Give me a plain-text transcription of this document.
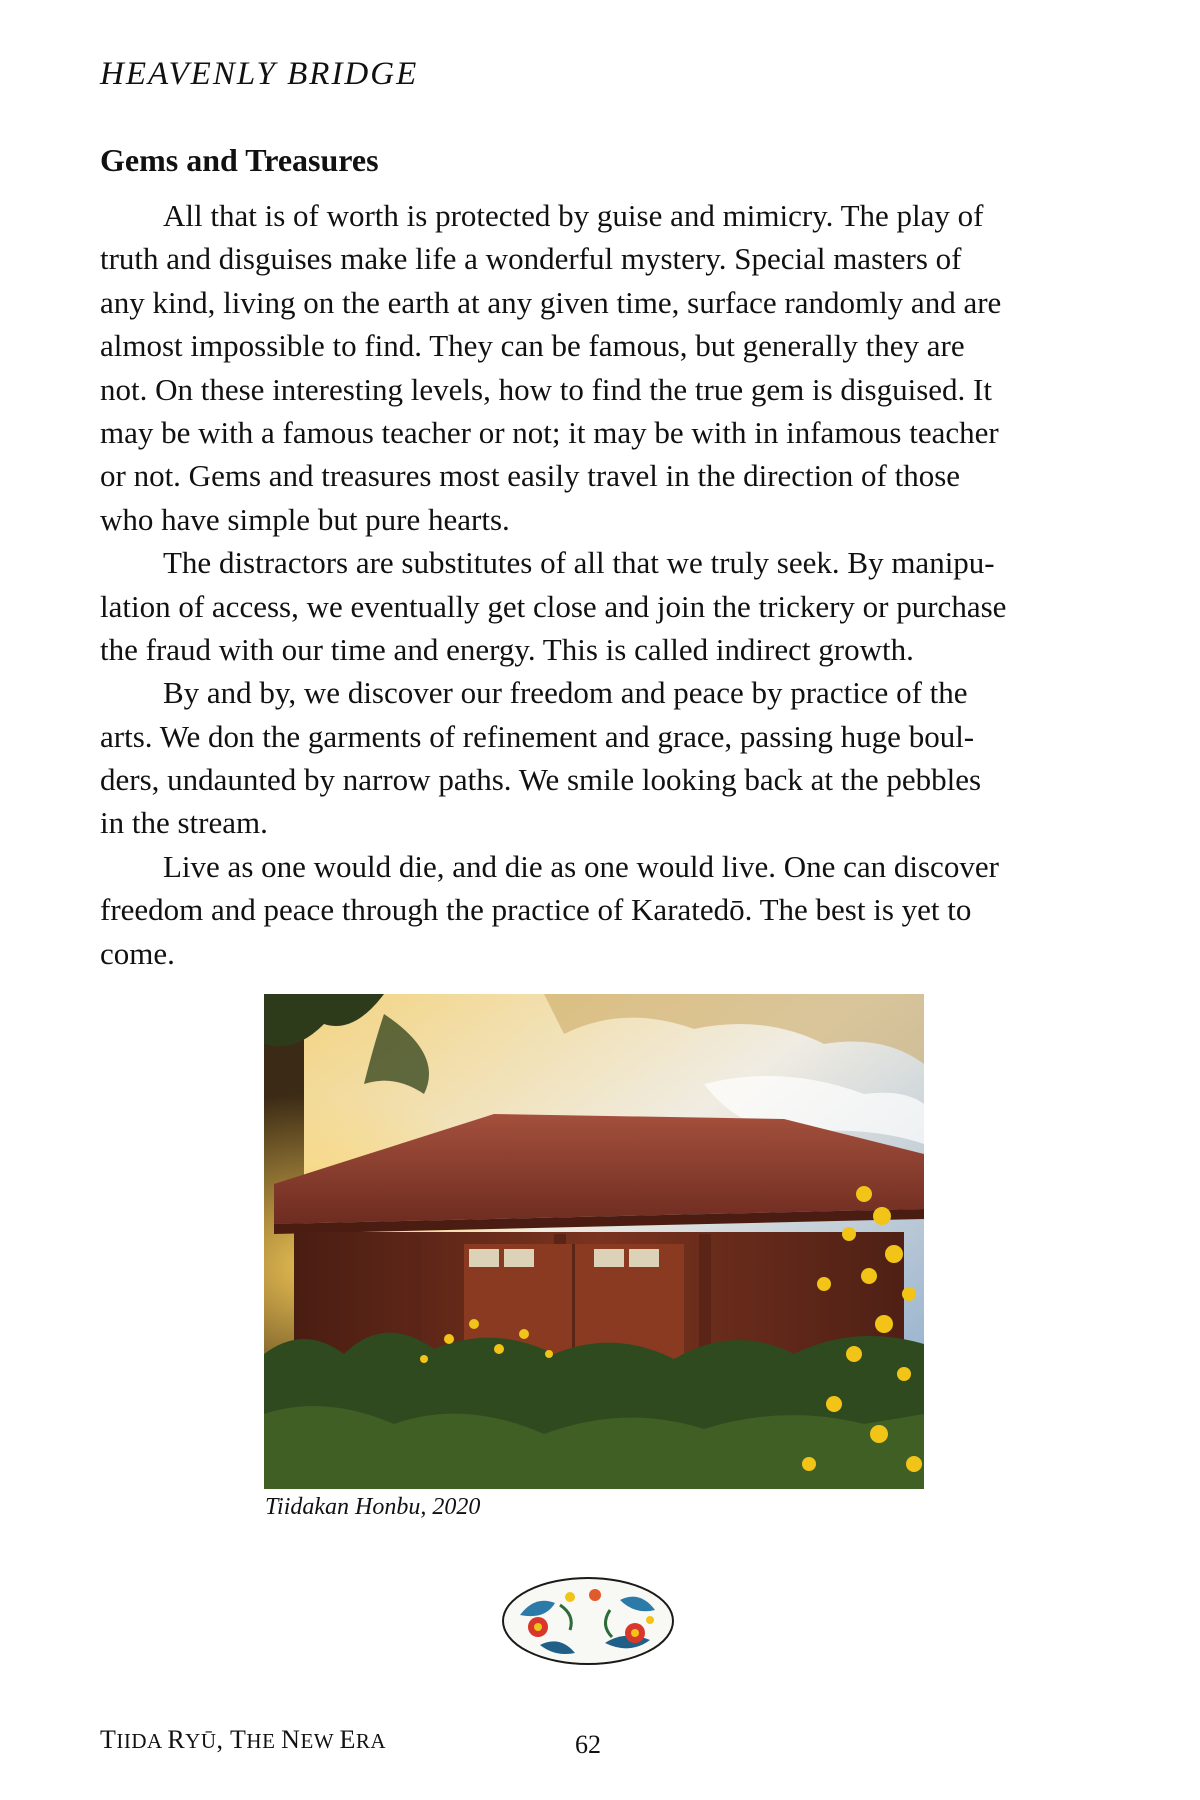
HEAVENLY BRIDGE
Gems and Treasures
All that is of worth is protected by guise and mimicry. The play of
truth and disguises make life a wonderful mystery. Special masters of
any kind, living on the earth at any given time, surface randomly and are
almost impossible to find. They can be famous, but generally they are
not. On these interesting levels, how to find the true gem is disguised. It
may be with a famous teacher or not; it may be with in infamous teacher
or not. Gems and treasures most easily travel in the direction of those
who have simple but pure hearts.
The distractors are substitutes of all that we truly seek. By manipu-
lation of access, we eventually get close and join the trickery or purchase
the fraud with our time and energy. This is called indirect growth.
By and by, we discover our freedom and peace by practice of the
arts. We don the garments of refinement and grace, passing huge boul-
ders, undaunted by narrow paths. We smile looking back at the pebbles
in the stream.
Live as one would die, and die as one would live. One can discover
freedom and peace through the practice of Karatedō. The best is yet to
come.
Tiidakan Honbu, 2020
TIIDA RYŪ, THE NEW ERA	62
